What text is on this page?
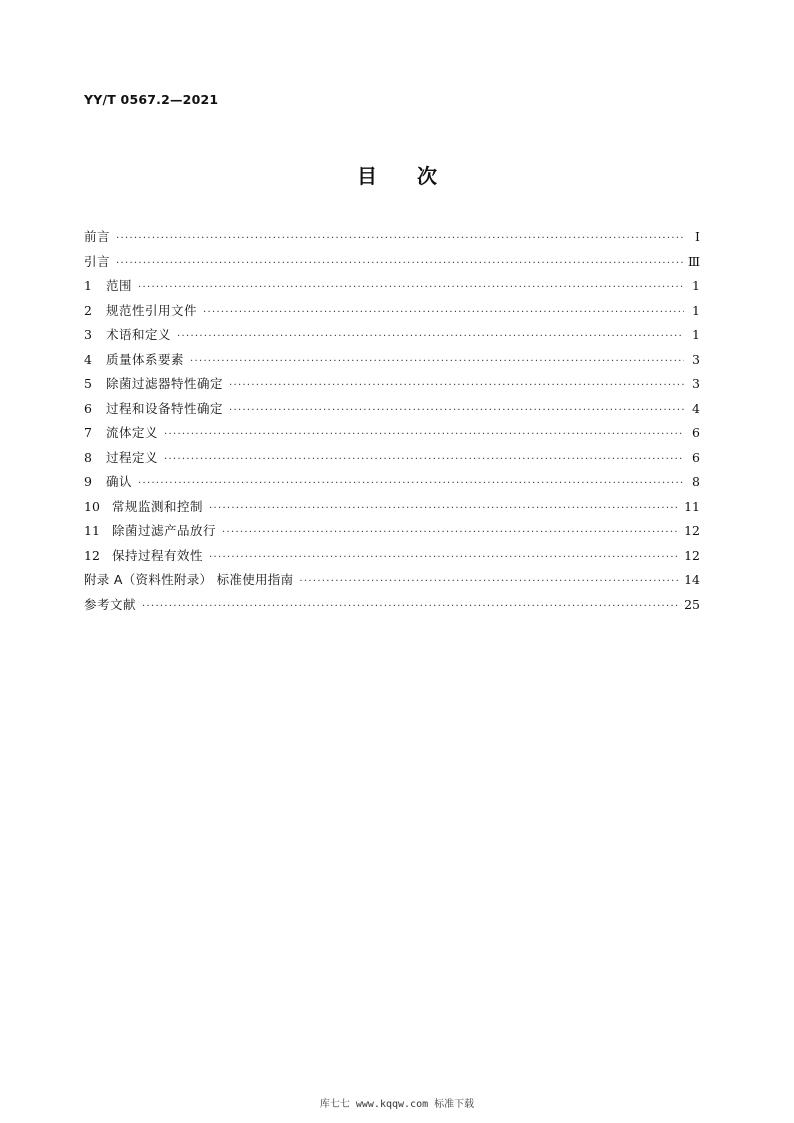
YY/T 0567.2—2021
目 次
前言 ·····	Ⅰ
引言 ·····	Ⅲ
1	范围 ·····	1
2	规范性引用文件 ·····	1
3	术语和定义 ·····	1
4	质量体系要素 ·····	3
5	除菌过滤器特性确定 ·····	3
6	过程和设备特性确定 ·····	4
7	流体定义 ·····	6
8	过程定义 ·····	6
9	确认 ·····	8
10 常规监测和控制 ·····	11
11 除菌过滤产品放行 ·····	12
12 保持过程有效性 ·····	12
附录 A（资料性附录） 标准使用指南 ·····	14
参考文献 ·····	25
库七七 www.kqqw.com 标准下载
